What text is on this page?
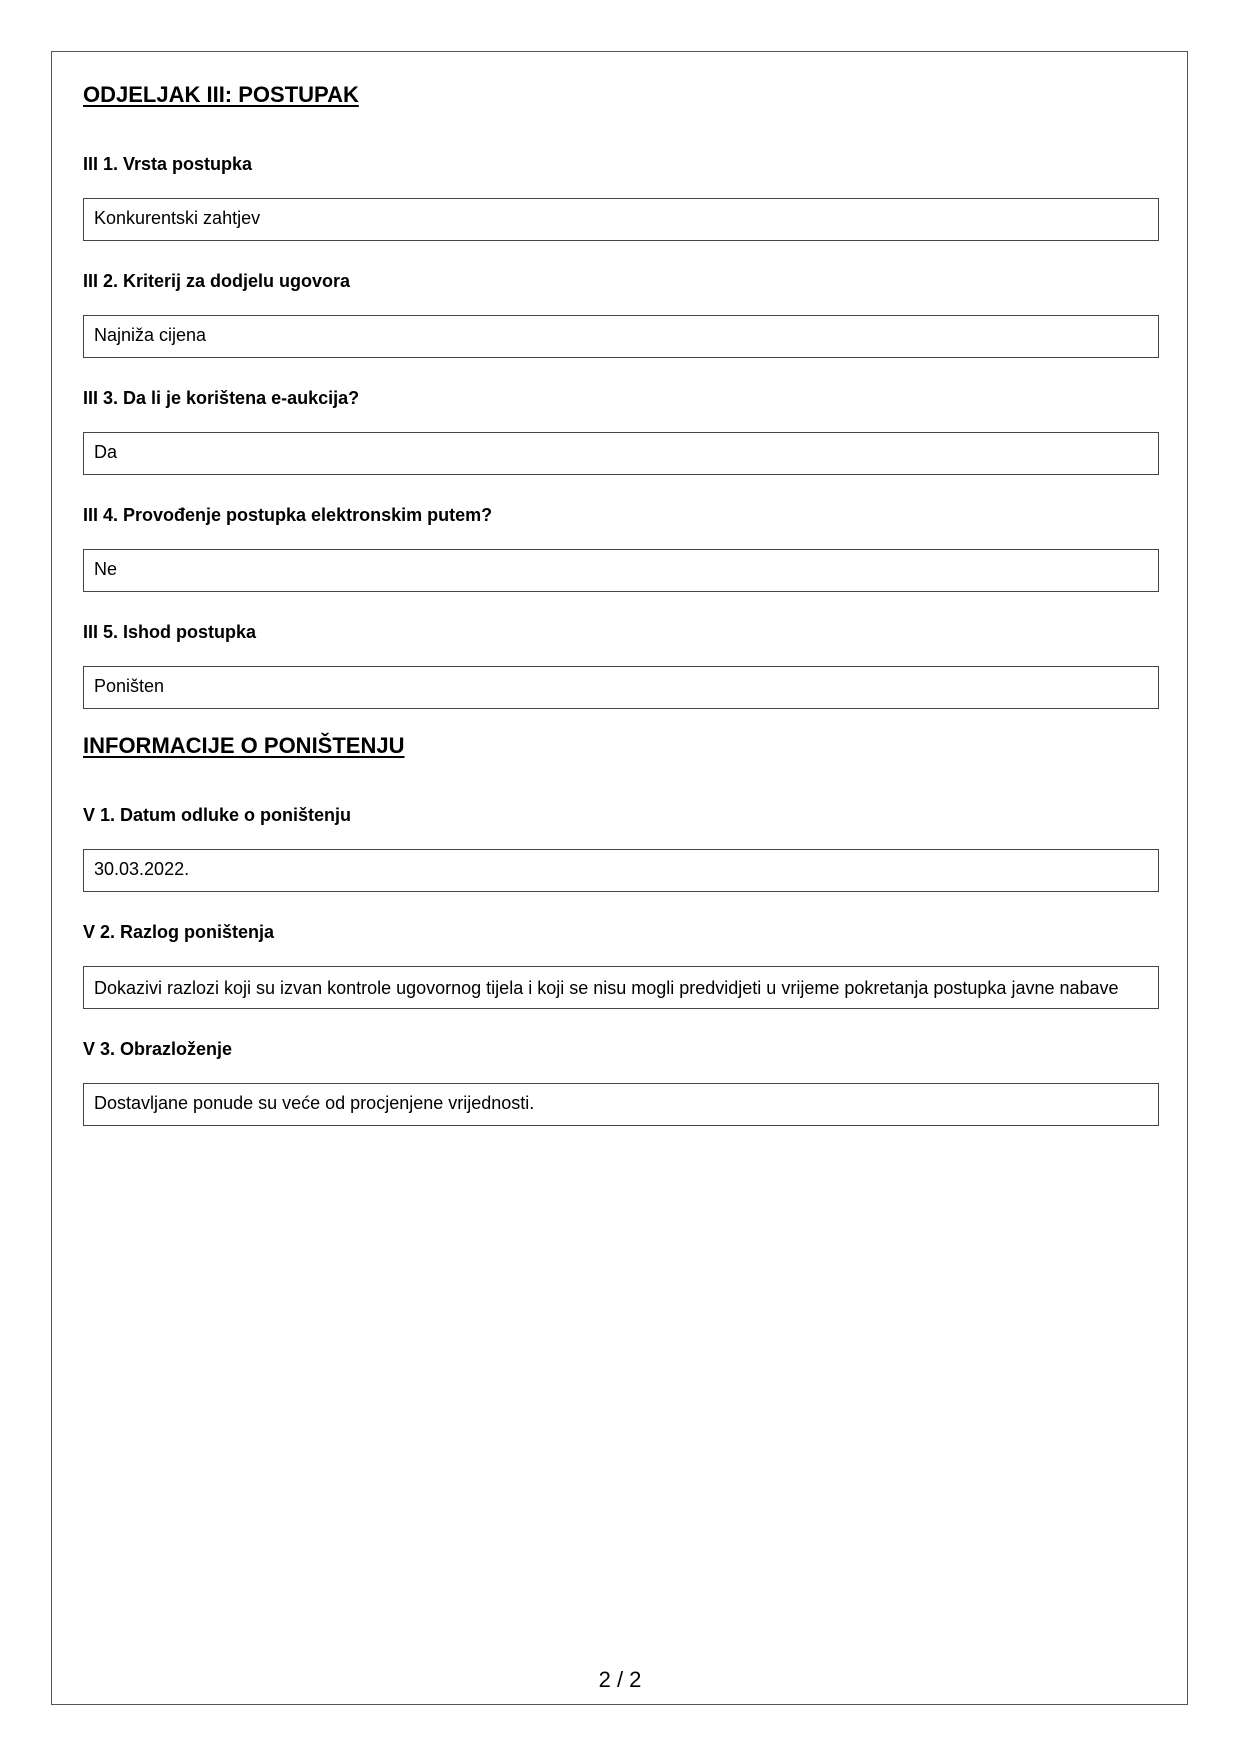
ODJELJAK III: POSTUPAK
III 1. Vrsta postupka
Konkurentski zahtjev
III 2. Kriterij za dodjelu ugovora
Najniža cijena
III 3. Da li je korištena e-aukcija?
Da
III 4. Provođenje postupka elektronskim putem?
Ne
III 5. Ishod postupka
Poništen
INFORMACIJE O PONIŠTENJU
V 1. Datum odluke o poništenju
30.03.2022.
V 2. Razlog poništenja
Dokazivi razlozi koji su izvan kontrole ugovornog tijela i koji se nisu mogli predvidjeti u vrijeme pokretanja postupka javne nabave
V 3. Obrazloženje
Dostavljane ponude su veće od procjenjene vrijednosti.
2 / 2
